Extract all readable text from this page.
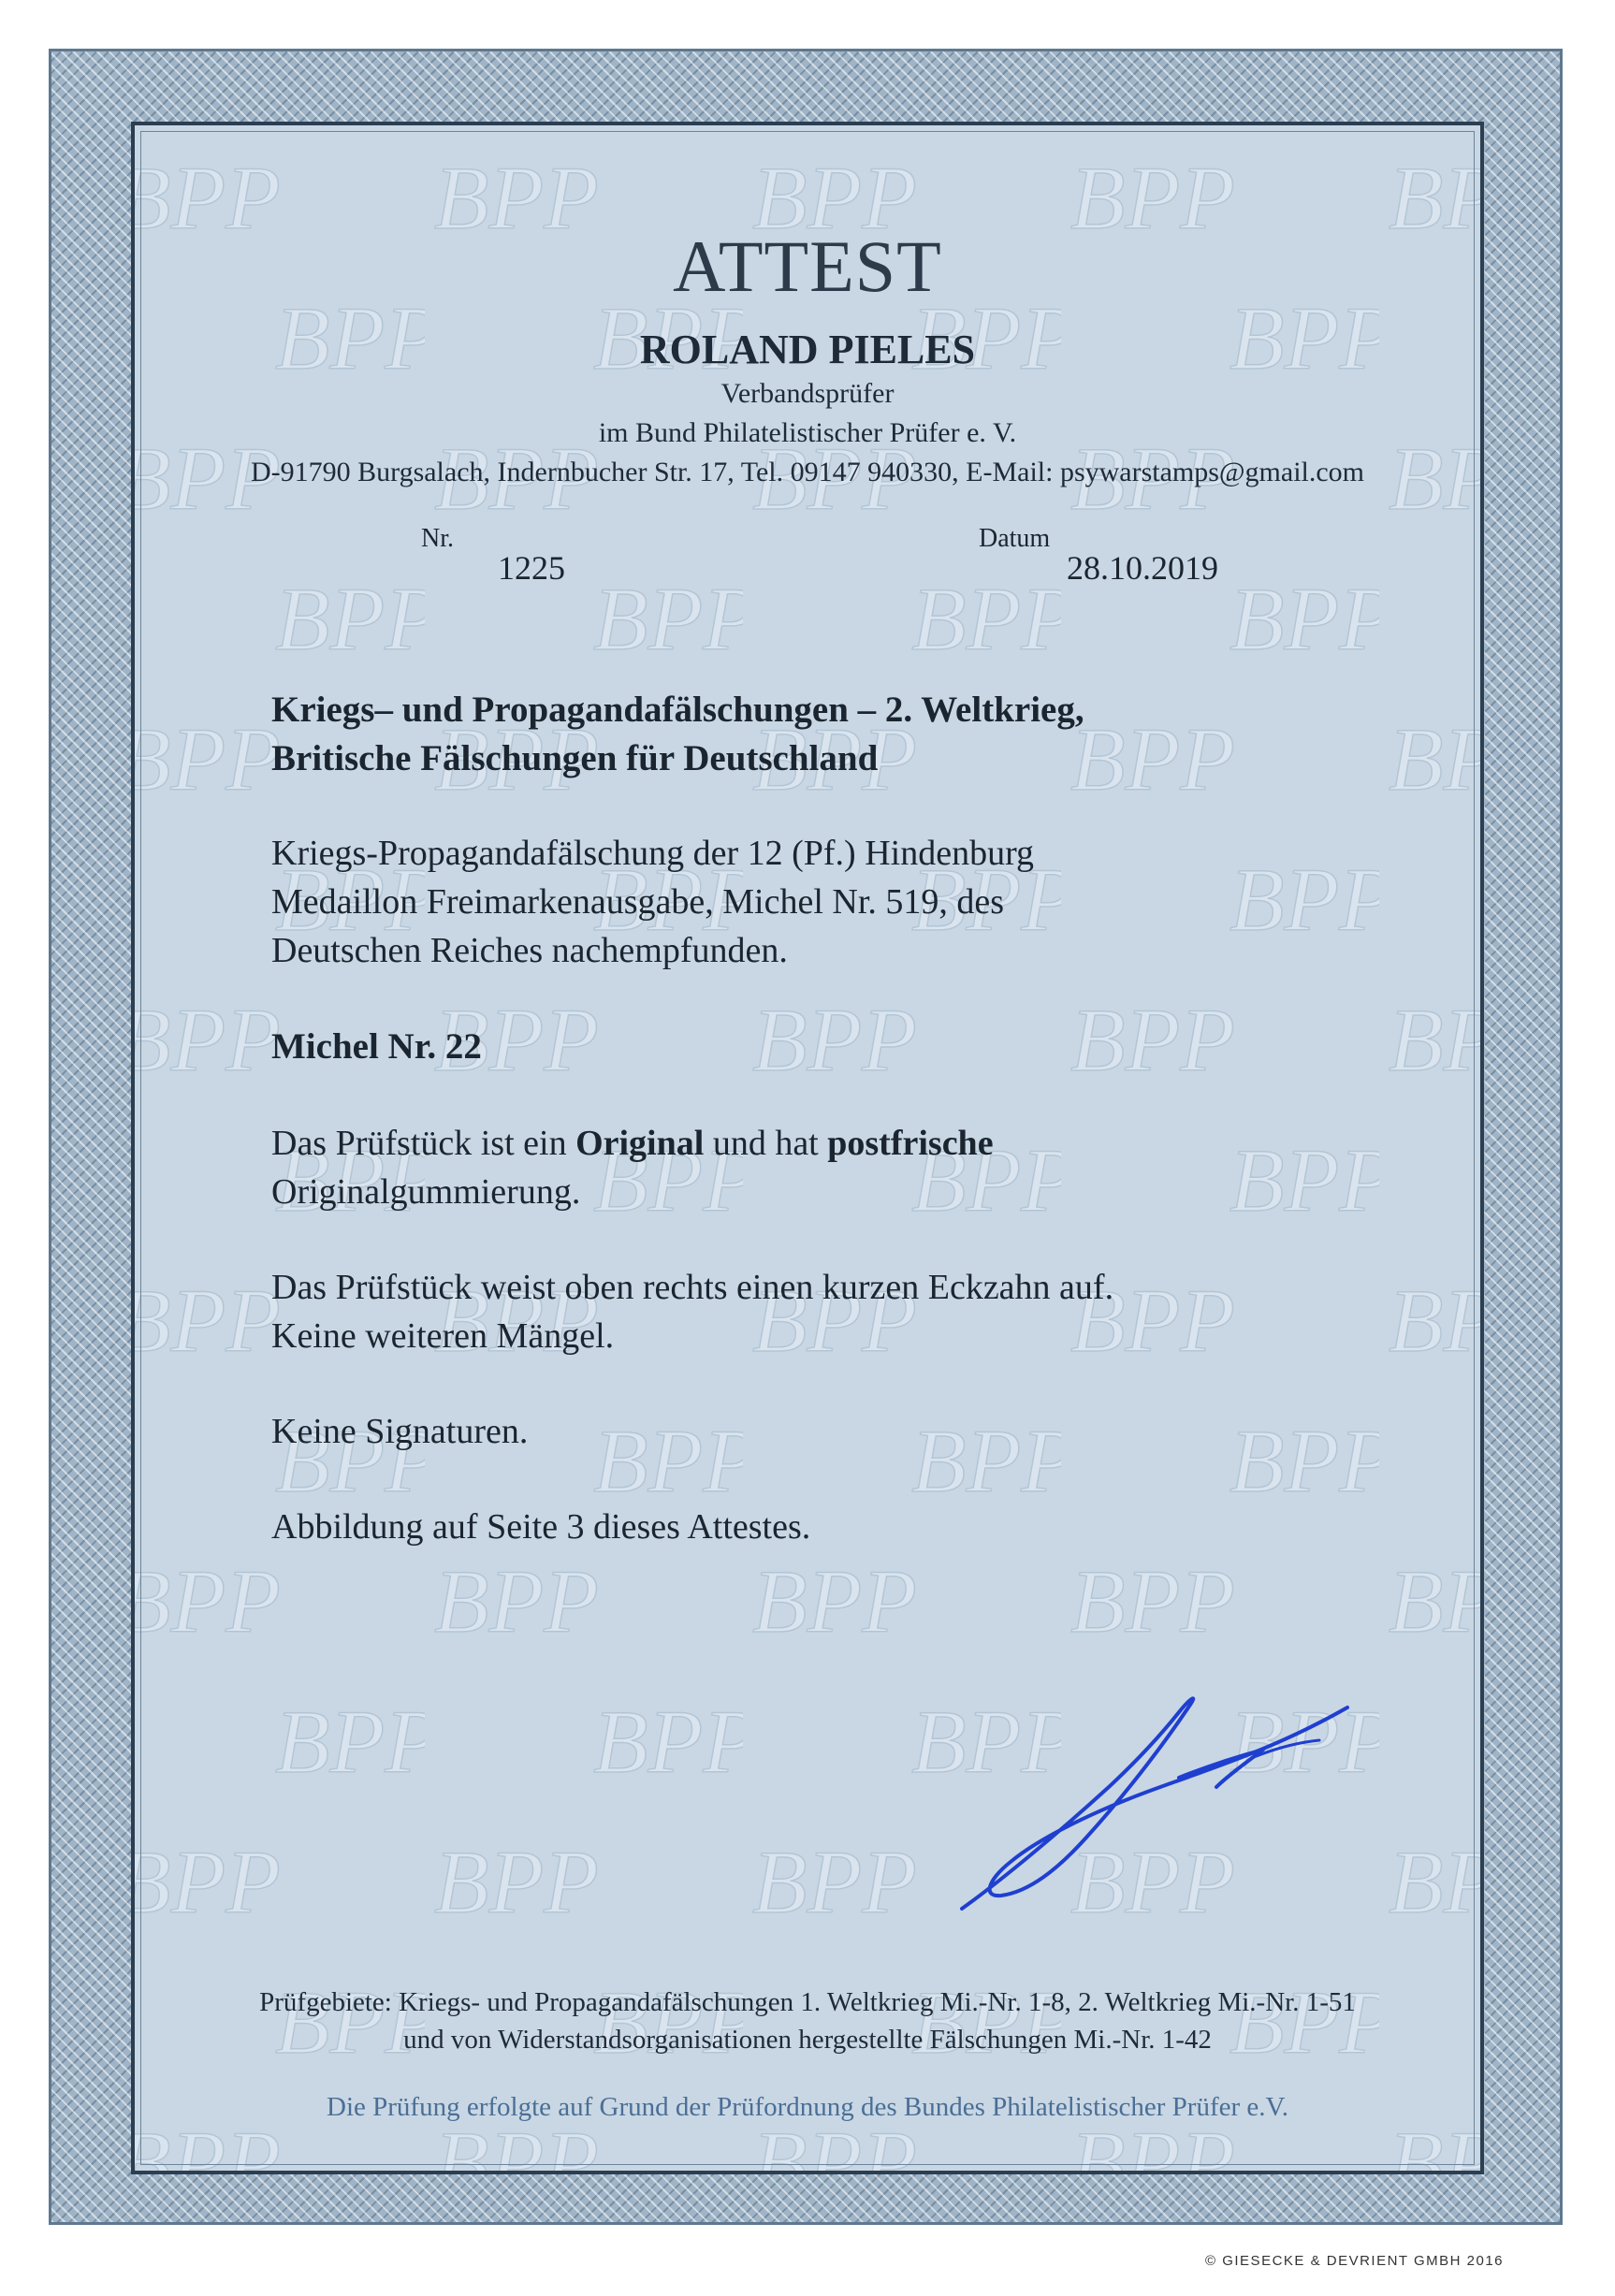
ATTEST
ROLAND PIELES
Verbandsprüfer
im Bund Philatelistischer Prüfer e. V.
D-91790 Burgsalach, Indernbucher Str. 17, Tel. 09147 940330, E-Mail: psywarstamps@gmail.com
Nr.
1225
Datum
28.10.2019
Kriegs– und Propagandafälschungen – 2. Weltkrieg,
Britische Fälschungen für Deutschland
Kriegs-Propagandafälschung der 12 (Pf.) Hindenburg
Medaillon Freimarkenausgabe, Michel Nr. 519, des
Deutschen Reiches nachempfunden.
Michel Nr. 22
Das Prüfstück ist ein Original und hat postfrische
Originalgummierung.
Das Prüfstück weist oben rechts einen kurzen Eckzahn auf.
Keine weiteren Mängel.
Keine Signaturen.
Abbildung auf Seite 3 dieses Attestes.
Prüfgebiete: Kriegs- und Propagandafälschungen 1. Weltkrieg Mi.-Nr. 1-8, 2. Weltkrieg Mi.-Nr. 1-51
und von Widerstandsorganisationen hergestellte Fälschungen Mi.-Nr. 1-42
Die Prüfung erfolgte auf Grund der Prüfordnung des Bundes Philatelistischer Prüfer e.V.
© GIESECKE & DEVRIENT GMBH 2016
